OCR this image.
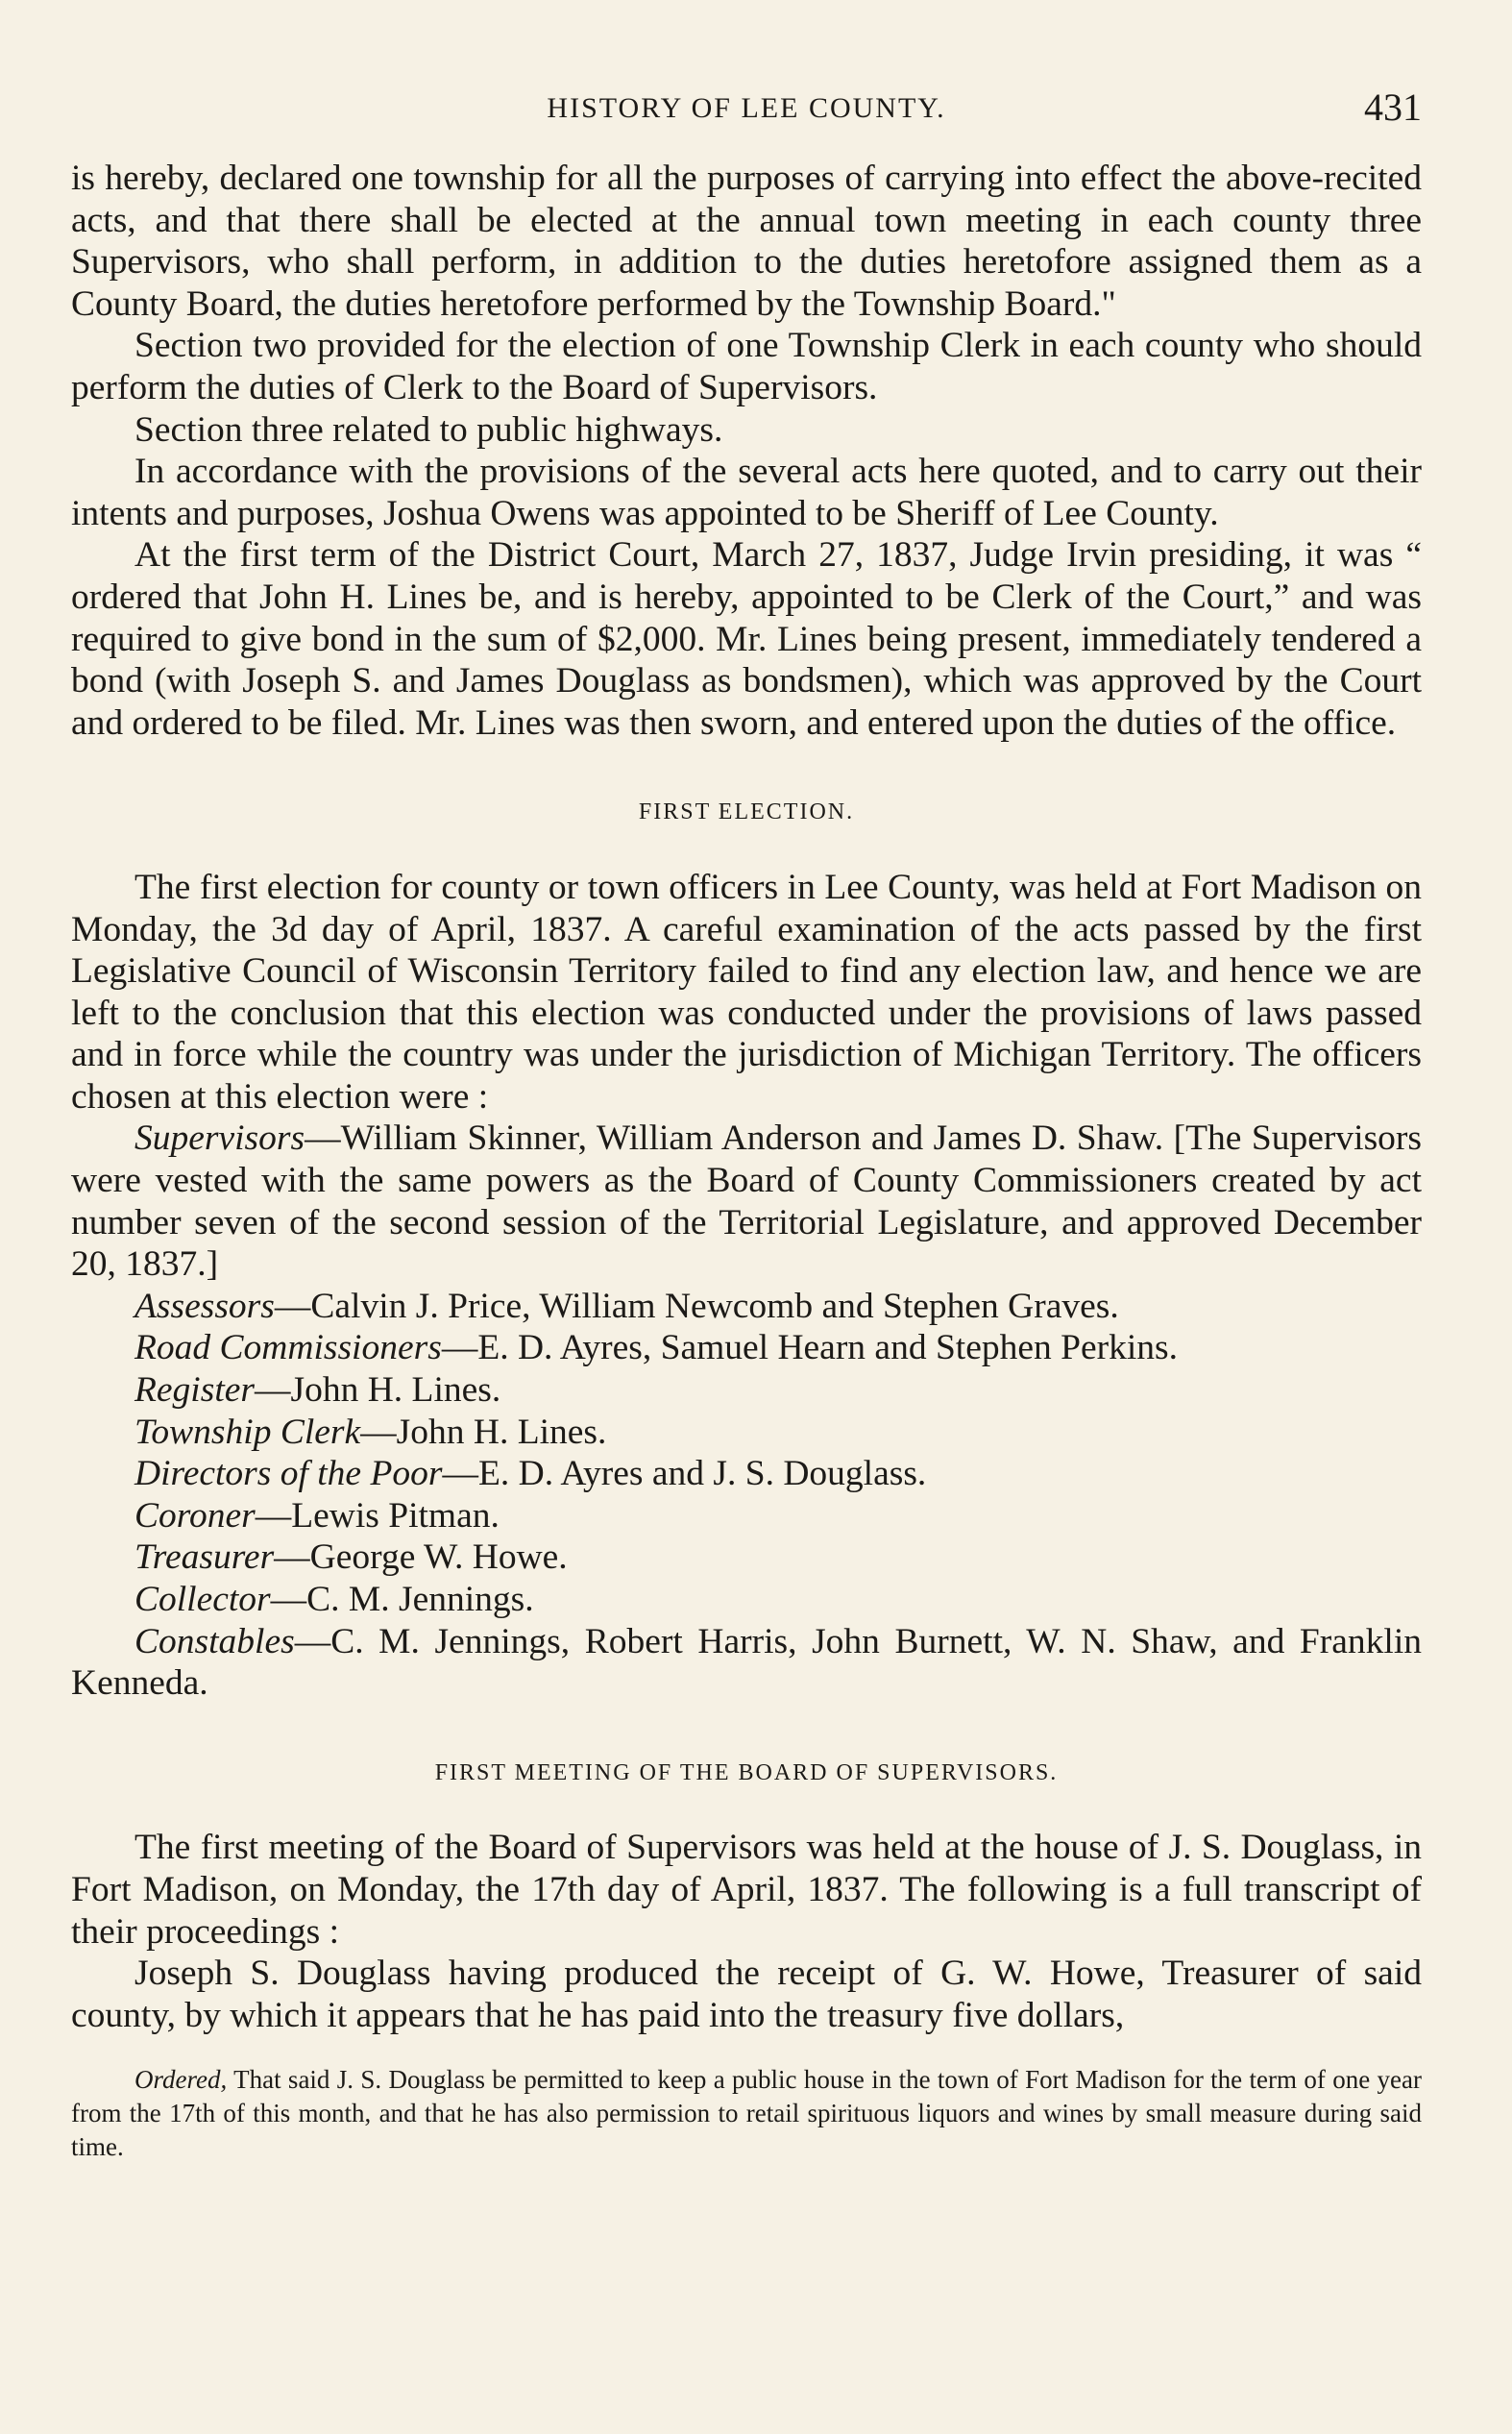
HISTORY OF LEE COUNTY.	431

is hereby, declared one township for all the purposes of carrying into effect the above-recited acts, and that there shall be elected at the annual town meeting in each county three Supervisors, who shall perform, in addition to the duties heretofore assigned them as a County Board, the duties heretofore performed by the Township Board."

Section two provided for the election of one Township Clerk in each county who should perform the duties of Clerk to the Board of Supervisors.

Section three related to public highways.

In accordance with the provisions of the several acts here quoted, and to carry out their intents and purposes, Joshua Owens was appointed to be Sheriff of Lee County.

At the first term of the District Court, March 27, 1837, Judge Irvin presiding, it was “ ordered that John H. Lines be, and is hereby, appointed to be Clerk of the Court,” and was required to give bond in the sum of $2,000. Mr. Lines being present, immediately tendered a bond (with Joseph S. and James Douglass as bondsmen), which was approved by the Court and ordered to be filed. Mr. Lines was then sworn, and entered upon the duties of the office.

FIRST ELECTION.

The first election for county or town officers in Lee County, was held at Fort Madison on Monday, the 3d day of April, 1837. A careful examination of the acts passed by the first Legislative Council of Wisconsin Territory failed to find any election law, and hence we are left to the conclusion that this election was conducted under the provisions of laws passed and in force while the country was under the jurisdiction of Michigan Territory. The officers chosen at this election were :

Supervisors—William Skinner, William Anderson and James D. Shaw. [The Supervisors were vested with the same powers as the Board of County Commissioners created by act number seven of the second session of the Territorial Legislature, and approved December 20, 1837.]

Assessors—Calvin J. Price, William Newcomb and Stephen Graves.

Road Commissioners—E. D. Ayres, Samuel Hearn and Stephen Perkins.

Register—John H. Lines.

Township Clerk—John H. Lines.

Directors of the Poor—E. D. Ayres and J. S. Douglass.

Coroner—Lewis Pitman.

Treasurer—George W. Howe.

Collector—C. M. Jennings.

Constables—C. M. Jennings, Robert Harris, John Burnett, W. N. Shaw, and Franklin Kenneda.

FIRST MEETING OF THE BOARD OF SUPERVISORS.

The first meeting of the Board of Supervisors was held at the house of J. S. Douglass, in Fort Madison, on Monday, the 17th day of April, 1837. The following is a full transcript of their proceedings :

Joseph S. Douglass having produced the receipt of G. W. Howe, Treasurer of said county, by which it appears that he has paid into the treasury five dollars,

Ordered, That said J. S. Douglass be permitted to keep a public house in the town of Fort Madison for the term of one year from the 17th of this month, and that he has also permission to retail spirituous liquors and wines by small measure during said time.
